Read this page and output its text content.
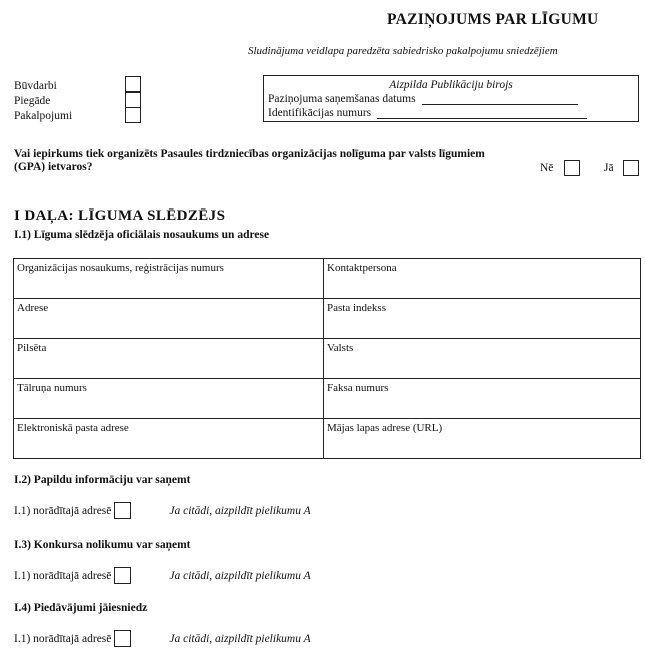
PAZIŅOJUMS PAR LĪGUMU
Sludinājuma veidlapa paredzēta sabiedrisko pakalpojumu sniedzējiem
Būvdarbi
Piegāde
Pakalpojumi
Aizpilda Publikāciju birojs
Paziņojuma saņemšanas datums
Identifikācijas numurs
Vai iepirkums tiek organizēts Pasaules tirdzniecības organizācijas nolīguma par valsts līgumiem (GPA) ietvaros?	Nē	Jā
I DAĻA: LĪGUMA SLĒDZĒJS
I.1) Līguma slēdzēja oficiālais nosaukums un adrese
Organizācijas nosaukums, reģistrācijas numurs	Kontaktpersona
Adrese	Pasta indekss
Pilsēta	Valsts
Tālruņa numurs	Faksa numurs
Elektroniskā pasta adrese	Mājas lapas adrese (URL)
I.2) Papildu informāciju var saņemt
I.1) norādītajā adresē	Ja citādi, aizpildīt pielikumu A
I.3) Konkursa nolikumu var saņemt
I.1) norādītajā adresē	Ja citādi, aizpildīt pielikumu A
I.4) Piedāvājumi jāiesniedz
I.1) norādītajā adresē	Ja citādi, aizpildīt pielikumu A
